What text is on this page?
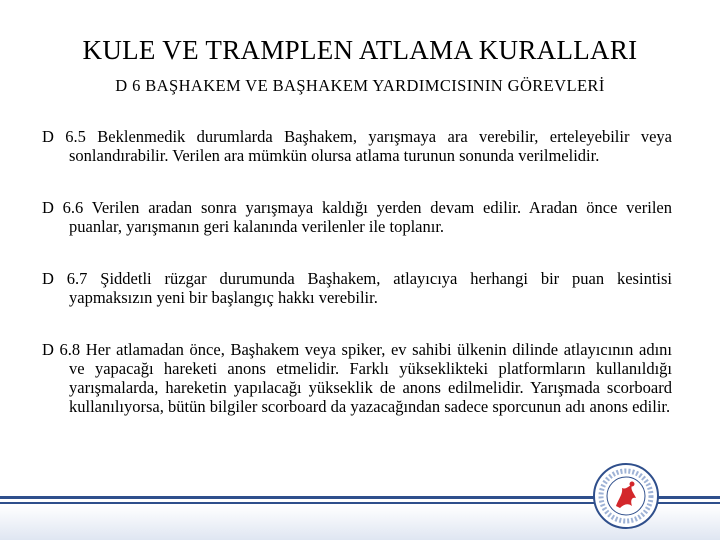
KULE VE TRAMPLEN ATLAMA KURALLARI
D 6 BAŞHAKEM VE BAŞHAKEM YARDIMCISININ GÖREVLERİ

D 6.5 Beklenmedik durumlarda Başhakem, yarışmaya ara verebilir, erteleyebilir veya sonlandırabilir. Verilen ara mümkün olursa atlama turunun sonunda verilmelidir.

D 6.6 Verilen aradan sonra yarışmaya kaldığı yerden devam edilir. Aradan önce verilen puanlar, yarışmanın geri kalanında verilenler ile toplanır.

D 6.7 Şiddetli rüzgar durumunda Başhakem, atlayıcıya herhangi bir puan kesintisi yapmaksızın yeni bir başlangıç hakkı verebilir.

D 6.8 Her atlamadan önce, Başhakem veya spiker, ev sahibi ülkenin dilinde atlayıcının adını ve yapacağı hareketi anons etmelidir. Farklı yükseklikteki platformların kullanıldığı yarışmalarda, hareketin yapılacağı yükseklik de anons edilmelidir. Yarışmada scorboard kullanılıyorsa, bütün bilgiler scorboard da yazacağından sadece sporcunun adı anons edilir.
